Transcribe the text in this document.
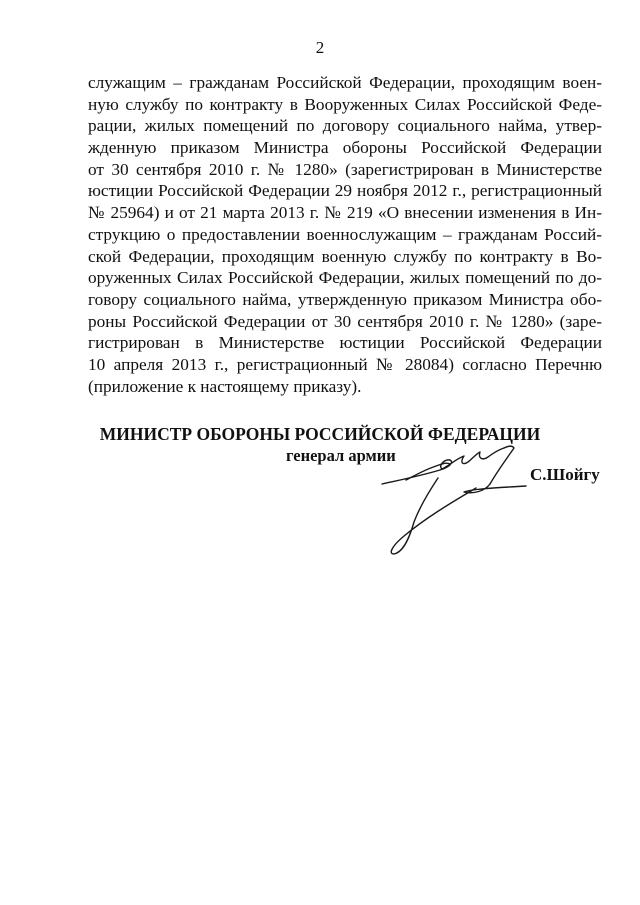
2
служащим – гражданам Российской Федерации, проходящим воен-
ную службу по контракту в Вооруженных Силах Российской Феде-
рации, жилых помещений по договору социального найма, утвер-
жденную приказом Министра обороны Российской Федерации
от 30 сентября 2010 г. № 1280» (зарегистрирован в Министерстве
юстиции Российской Федерации 29 ноября 2012 г., регистрационный
№ 25964) и от 21 марта 2013 г. № 219 «О внесении изменения в Ин-
струкцию о предоставлении военнослужащим – гражданам Россий-
ской Федерации, проходящим военную службу по контракту в Во-
оруженных Силах Российской Федерации, жилых помещений по до-
говору социального найма, утвержденную приказом Министра обо-
роны Российской Федерации от 30 сентября 2010 г. № 1280» (заре-
гистрирован в Министерстве юстиции Российской Федерации
10 апреля 2013 г., регистрационный № 28084) согласно Перечню
(приложение к настоящему приказу).
МИНИСТР ОБОРОНЫ РОССИЙСКОЙ ФЕДЕРАЦИИ
генерал армии
С.Шойгу
